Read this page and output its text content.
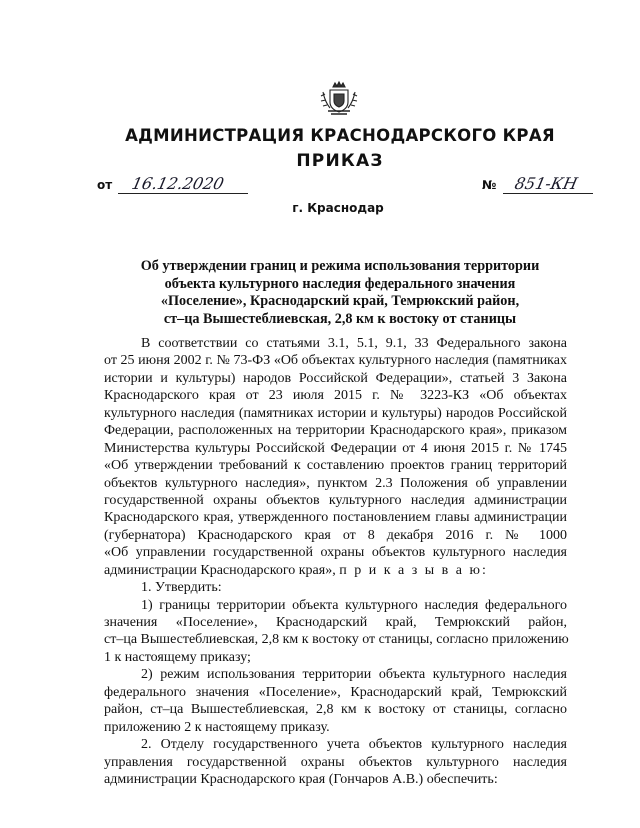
АДМИНИСТРАЦИЯ КРАСНОДАРСКОГО КРАЯ
ПРИКАЗ
от 16.12.2020	№ 851-КН
г. Краснодар
Об утверждении границ и режима использования территории
объекта культурного наследия федерального значения
«Поселение», Краснодарский край, Темрюкский район,
ст–ца Вышестеблиевская, 2,8 км к востоку от станицы
В соответствии со статьями 3.1, 5.1, 9.1, 33 Федерального закона
от 25 июня 2002 г. № 73-ФЗ «Об объектах культурного наследия (памятниках
истории и культуры) народов Российской Федерации», статьей 3 Закона
Краснодарского края от 23 июля 2015 г. № 3223-КЗ «Об объектах
культурного наследия (памятниках истории и культуры) народов Российской
Федерации, расположенных на территории Краснодарского края», приказом
Министерства культуры Российской Федерации от 4 июня 2015 г. № 1745
«Об утверждении требований к составлению проектов границ территорий
объектов культурного наследия», пунктом 2.3 Положения об управлении
государственной охраны объектов культурного наследия администрации
Краснодарского края, утвержденного постановлением главы администрации
(губернатора) Краснодарского края от 8 декабря 2016 г. № 1000
«Об управлении государственной охраны объектов культурного наследия
администрации Краснодарского края», п р и к а з ы в а ю:
1. Утвердить:
1) границы территории объекта культурного наследия федерального
значения «Поселение», Краснодарский край, Темрюкский район,
ст–ца Вышестеблиевская, 2,8 км к востоку от станицы, согласно приложению
1 к настоящему приказу;
2) режим использования территории объекта культурного наследия
федерального значения «Поселение», Краснодарский край, Темрюкский
район, ст–ца Вышестеблиевская, 2,8 км к востоку от станицы, согласно
приложению 2 к настоящему приказу.
2. Отделу государственного учета объектов культурного наследия
управления государственной охраны объектов культурного наследия
администрации Краснодарского края (Гончаров А.В.) обеспечить:
